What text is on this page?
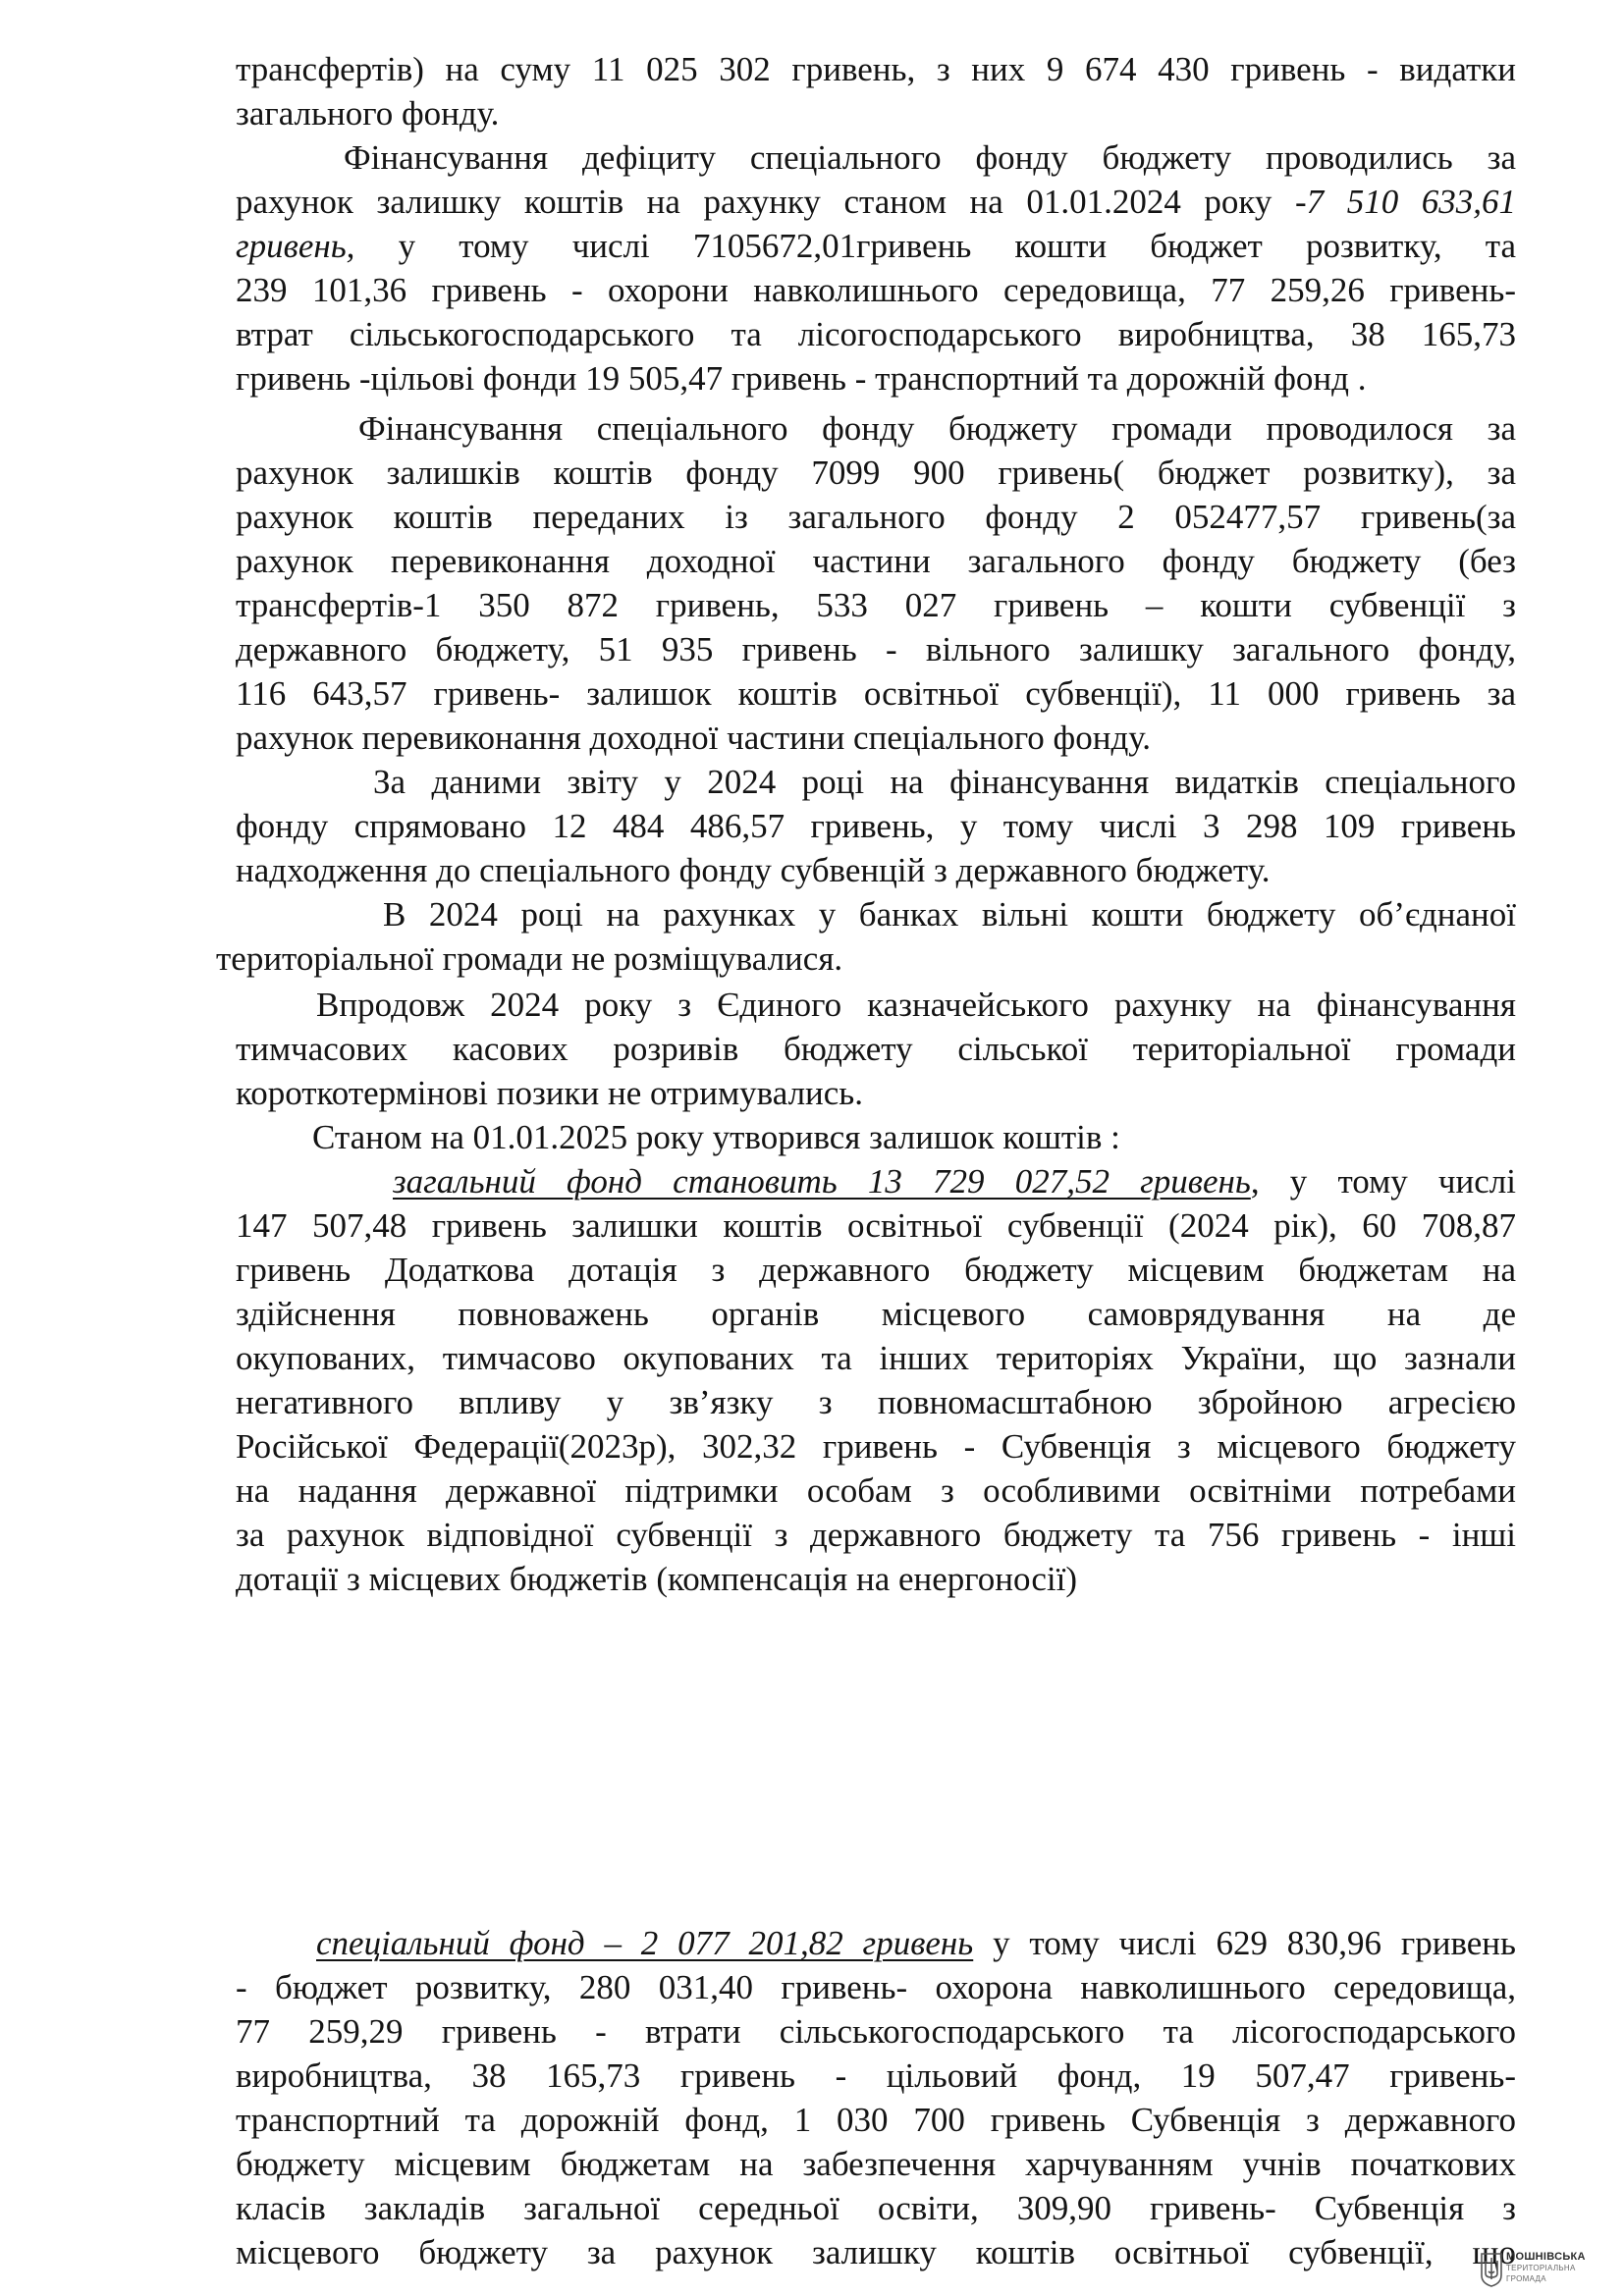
трансфертів) на суму 11 025 302 гривень, з них 9 674 430 гривень - видатки
загального фонду.
Фінансування дефіциту спеціального фонду бюджету проводились за
рахунок залишку коштів на рахунку станом на 01.01.2024 року -7 510 633,61
гривень, у тому числі 7105672,01гривень кошти бюджет розвитку, та
239 101,36 гривень - охорони навколишнього середовища, 77 259,26 гривень-
втрат сільськогосподарського та лісогосподарського виробництва, 38 165,73
гривень -цільові фонди 19 505,47 гривень - транспортний та дорожній фонд .
Фінансування спеціального фонду бюджету громади проводилося за
рахунок залишків коштів фонду 7099 900 гривень( бюджет розвитку), за
рахунок коштів переданих із загального фонду 2 052477,57 гривень(за
рахунок перевиконання доходної частини загального фонду бюджету (без
трансфертів-1 350 872 гривень, 533 027 гривень – кошти субвенції з
державного бюджету, 51 935 гривень - вільного залишку загального фонду,
116 643,57 гривень- залишок коштів освітньої субвенції), 11 000 гривень за
рахунок перевиконання доходної частини спеціального фонду.
За даними звіту у 2024 році на фінансування видатків спеціального
фонду спрямовано 12 484 486,57 гривень, у тому числі 3 298 109 гривень
надходження до спеціального фонду субвенцій з державного бюджету.
В 2024 році на рахунках у банках вільні кошти бюджету об’єднаної
територіальної громади не розміщувалися.
Впродовж 2024 року з Єдиного казначейського рахунку на фінансування
тимчасових касових розривів бюджету сільської територіальної громади
короткотермінові позики не отримувались.
Станом на 01.01.2025 року утворився залишок коштів :
загальний фонд становить 13 729 027,52 гривень, у тому числі
147 507,48 гривень залишки коштів освітньої субвенції (2024 рік), 60 708,87
гривень Додаткова дотація з державного бюджету місцевим бюджетам на
здійснення повноважень органів місцевого самоврядування на де
окупованих, тимчасово окупованих та інших територіях України, що зазнали
негативного впливу у зв’язку з повномасштабною збройною агресією
Російської Федерації(2023р), 302,32 гривень - Субвенція з місцевого бюджету
на надання державної підтримки особам з особливими освітніми потребами
за рахунок відповідної субвенції з державного бюджету та 756 гривень - інші
дотації з місцевих бюджетів (компенсація на енергоносії)
спеціальний фонд – 2 077 201,82 гривень у тому числі 629 830,96 гривень
- бюджет розвитку, 280 031,40 гривень- охорона навколишнього середовища,
77 259,29 гривень - втрати сільськогосподарського та лісогосподарського
виробництва, 38 165,73 гривень - цільовий фонд, 19 507,47 гривень-
транспортний та дорожній фонд, 1 030 700 гривень Субвенція з державного
бюджету місцевим бюджетам на забезпечення харчуванням учнів початкових
класів закладів загальної середньої освіти, 309,90 гривень- Субвенція з
місцевого бюджету за рахунок залишку коштів освітньої субвенції, що
МОШНІВСЬКА
ТЕРИТОРІАЛЬНА
ГРОМАДА
